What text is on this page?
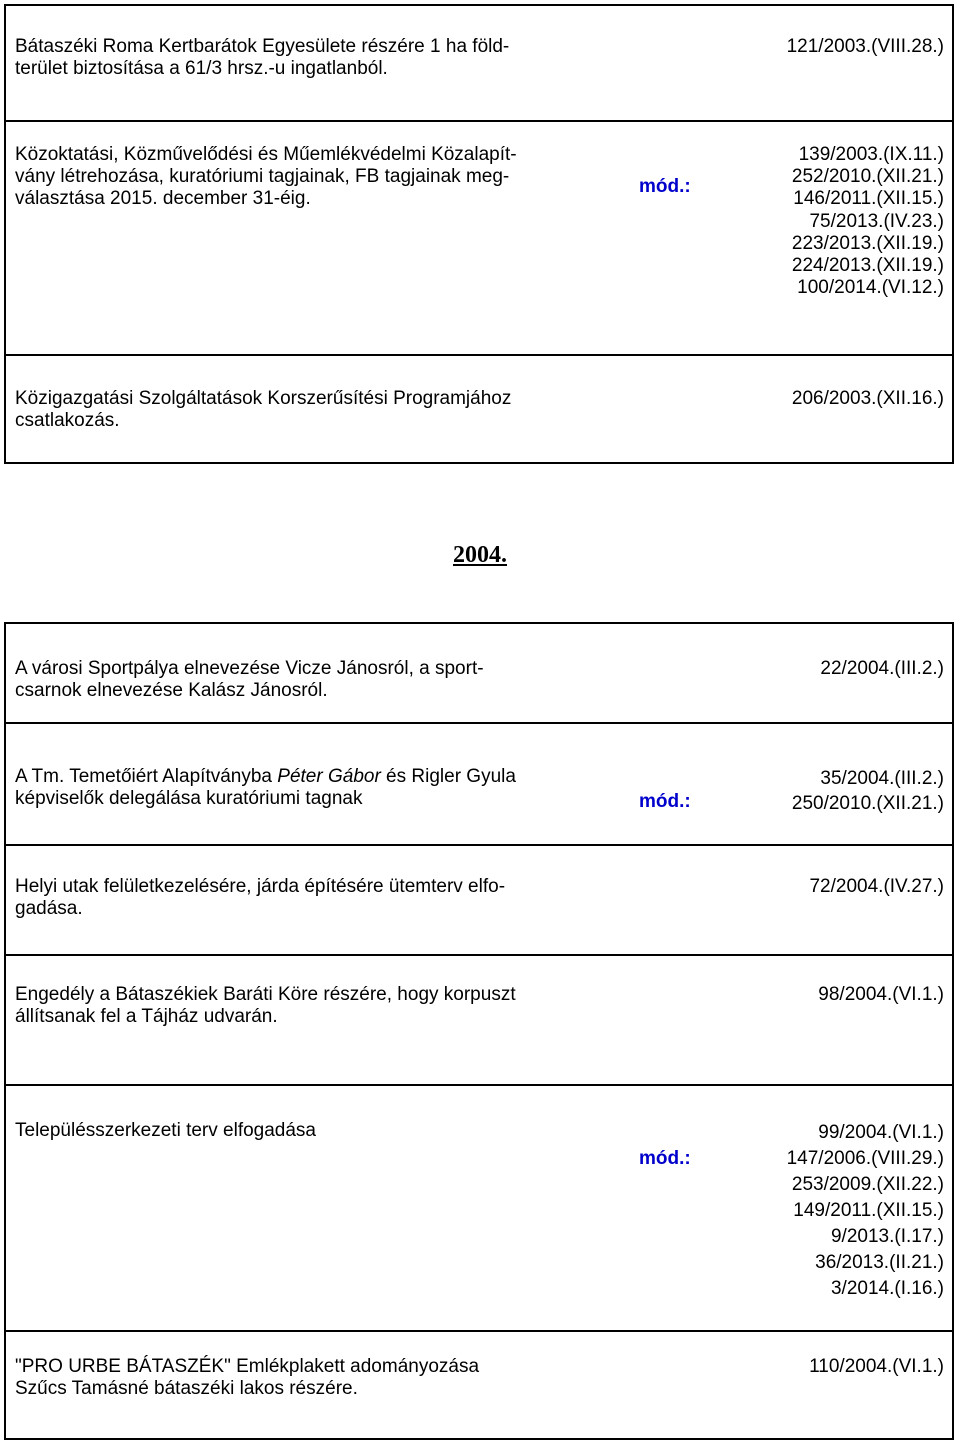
Bátaszéki Roma Kertbarátok Egyesülete részére 1 ha föld-
terület biztosítása a 61/3 hrsz.-u ingatlanból.
121/2003.(VIII.28.)
Közoktatási, Közművelődési és Műemlékvédelmi Közalapít-
vány létrehozása, kuratóriumi tagjainak, FB tagjainak meg-
választása 2015. december 31-éig.
mód.:
139/2003.(IX.11.)
252/2010.(XII.21.)
146/2011.(XII.15.)
75/2013.(IV.23.)
223/2013.(XII.19.)
224/2013.(XII.19.)
100/2014.(VI.12.)
Közigazgatási Szolgáltatások Korszerűsítési Programjához
csatlakozás.
206/2003.(XII.16.)
2004.
A városi Sportpálya elnevezése Vicze Jánosról, a sport-
csarnok elnevezése Kalász Jánosról.
22/2004.(III.2.)
A Tm. Temetőiért Alapítványba Péter Gábor és Rigler Gyula
képviselők delegálása kuratóriumi tagnak	mód.:
35/2004.(III.2.)
250/2010.(XII.21.)
Helyi utak felületkezelésére, járda építésére ütemterv elfo-
gadása.
72/2004.(IV.27.)
Engedély a Bátaszékiek Baráti Köre részére, hogy korpuszt
állítsanak fel a Tájház udvarán.
98/2004.(VI.1.)
Településszerkezeti terv elfogadása
mód.:
99/2004.(VI.1.)
147/2006.(VIII.29.)
253/2009.(XII.22.)
149/2011.(XII.15.)
9/2013.(I.17.)
36/2013.(II.21.)
3/2014.(I.16.)
"PRO URBE BÁTASZÉK" Emlékplakett adományozása
Szűcs Tamásné bátaszéki lakos részére.
110/2004.(VI.1.)
